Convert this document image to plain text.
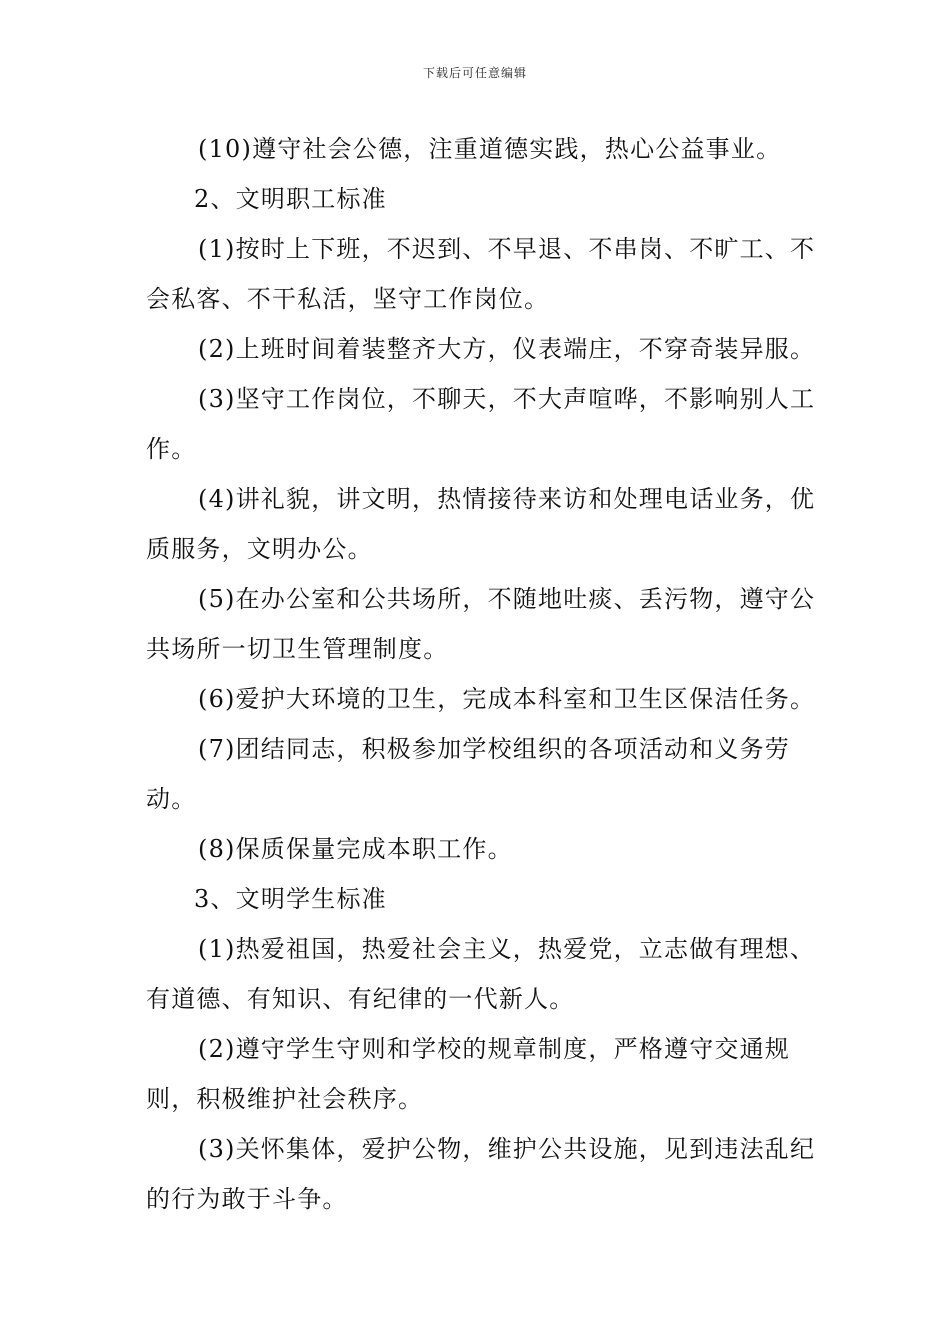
下载后可任意编辑

(10)遵守社会公德，注重道德实践，热心公益事业。

2、文明职工标准

(1)按时上下班，不迟到、不早退、不串岗、不旷工、不会私客、不干私活，坚守工作岗位。

(2)上班时间着装整齐大方，仪表端庄，不穿奇装异服。

(3)坚守工作岗位，不聊天，不大声喧哗，不影响别人工作。

(4)讲礼貌，讲文明，热情接待来访和处理电话业务，优质服务，文明办公。

(5)在办公室和公共场所，不随地吐痰、丢污物，遵守公共场所一切卫生管理制度。

(6)爱护大环境的卫生，完成本科室和卫生区保洁任务。

(7)团结同志，积极参加学校组织的各项活动和义务劳动。

(8)保质保量完成本职工作。

3、文明学生标准

(1)热爱祖国，热爱社会主义，热爱党，立志做有理想、有道德、有知识、有纪律的一代新人。

(2)遵守学生守则和学校的规章制度，严格遵守交通规则，积极维护社会秩序。

(3)关怀集体，爱护公物，维护公共设施，见到违法乱纪的行为敢于斗争。
